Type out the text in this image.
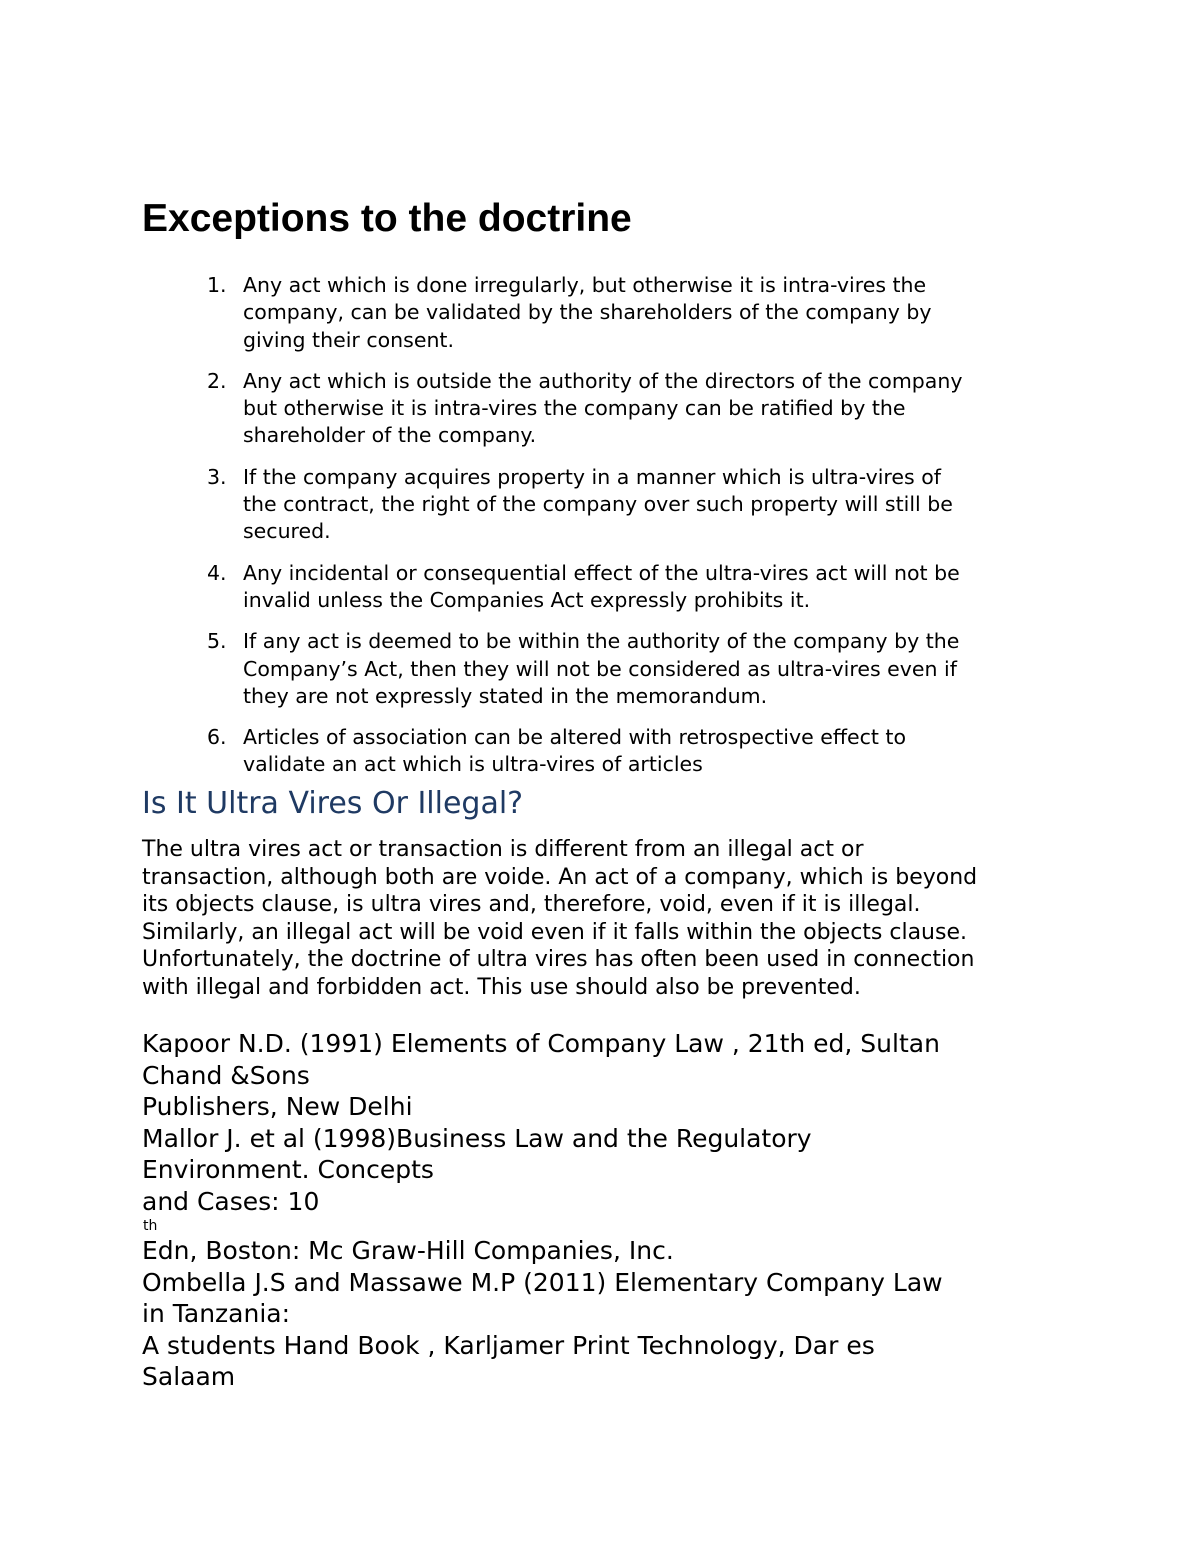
Exceptions to the doctrine
1. Any act which is done irregularly, but otherwise it is intra-vires the
company, can be validated by the shareholders of the company by
giving their consent.
2. Any act which is outside the authority of the directors of the company
but otherwise it is intra-vires the company can be ratified by the
shareholder of the company.
3. If the company acquires property in a manner which is ultra-vires of
the contract, the right of the company over such property will still be
secured.
4. Any incidental or consequential effect of the ultra-vires act will not be
invalid unless the Companies Act expressly prohibits it.
5. If any act is deemed to be within the authority of the company by the
Company’s Act, then they will not be considered as ultra-vires even if
they are not expressly stated in the memorandum.
6. Articles of association can be altered with retrospective effect to
validate an act which is ultra-vires of articles
Is It Ultra Vires Or Illegal?

The ultra vires act or transaction is different from an illegal act or
transaction, although both are voide. An act of a company, which is beyond
its objects clause, is ultra vires and, therefore, void, even if it is illegal.
Similarly, an illegal act will be void even if it falls within the objects clause.
Unfortunately, the doctrine of ultra vires has often been used in connection
with illegal and forbidden act. This use should also be prevented.

Kapoor N.D. (1991) Elements of Company Law , 21th ed, Sultan
Chand &Sons
Publishers, New Delhi
Mallor J. et al (1998)Business Law and the Regulatory
Environment. Concepts
and Cases: 10
th
Edn, Boston: Mc Graw-Hill Companies, Inc.
Ombella J.S and Massawe M.P (2011) Elementary Company Law
in Tanzania:
A students Hand Book , Karljamer Print Technology, Dar es
Salaam
